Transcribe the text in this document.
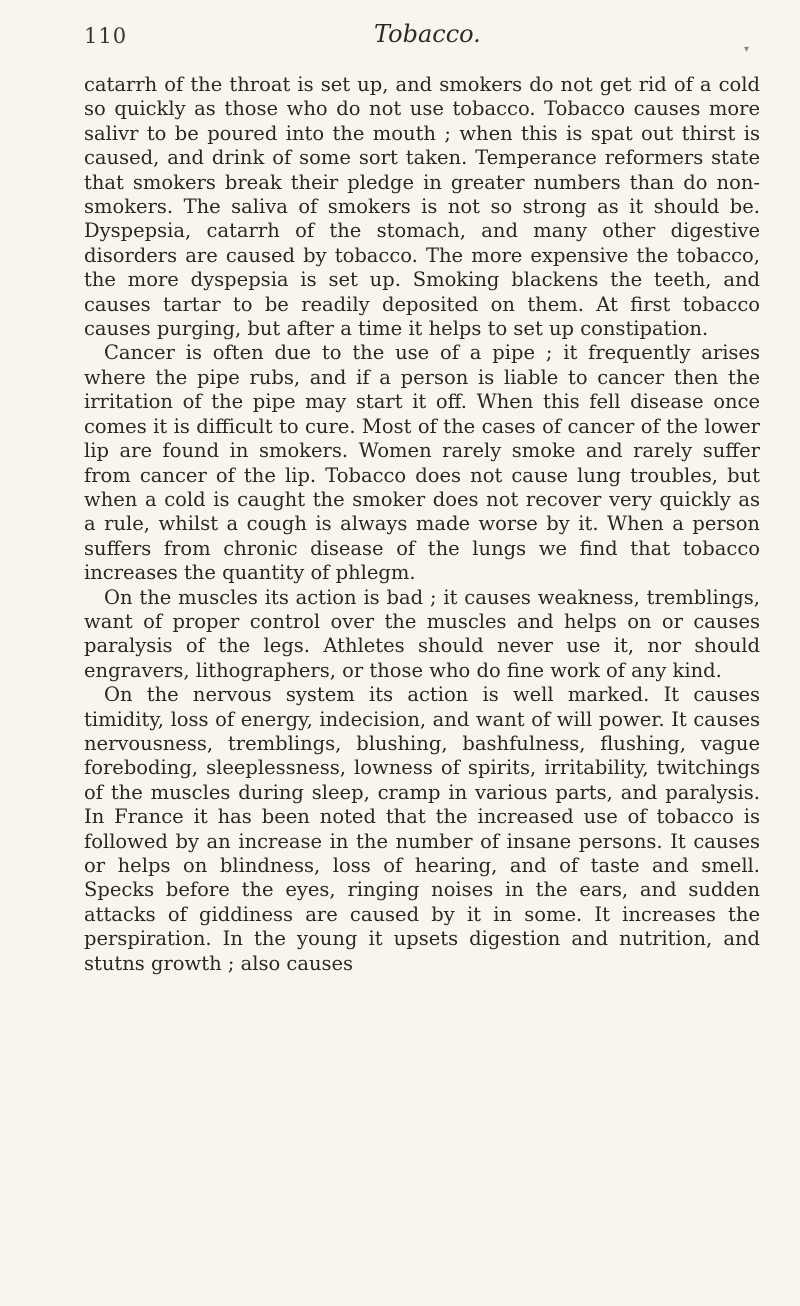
110	Tobacco.
▾

catarrh of the throat is set up, and smokers do not get rid of a cold so quickly as those who do not use tobacco. Tobacco causes more salivr to be poured into the mouth ; when this is spat out thirst is caused, and drink of some sort taken. Temperance reformers state that smokers break their pledge in greater numbers than do non-smokers. The saliva of smokers is not so strong as it should be. Dyspepsia, catarrh of the stomach, and many other digestive disorders are caused by tobacco. The more expensive the tobacco, the more dyspepsia is set up. Smoking blackens the teeth, and causes tartar to be readily deposited on them. At first tobacco causes purging, but after a time it helps to set up constipation.

Cancer is often due to the use of a pipe ; it frequently arises where the pipe rubs, and if a person is liable to cancer then the irritation of the pipe may start it off. When this fell disease once comes it is difficult to cure. Most of the cases of cancer of the lower lip are found in smokers. Women rarely smoke and rarely suffer from cancer of the lip. Tobacco does not cause lung troubles, but when a cold is caught the smoker does not recover very quickly as a rule, whilst a cough is always made worse by it. When a person suffers from chronic disease of the lungs we find that tobacco increases the quantity of phlegm.

On the muscles its action is bad ; it causes weakness, tremblings, want of proper control over the muscles and helps on or causes paralysis of the legs. Athletes should never use it, nor should engravers, lithographers, or those who do fine work of any kind.

On the nervous system its action is well marked. It causes timidity, loss of energy, indecision, and want of will power. It causes nervousness, tremblings, blushing, bashfulness, flushing, vague foreboding, sleeplessness, lowness of spirits, irritability, twitchings of the muscles during sleep, cramp in various parts, and paralysis. In France it has been noted that the increased use of tobacco is followed by an increase in the number of insane persons. It causes or helps on blindness, loss of hearing, and of taste and smell. Specks before the eyes, ringing noises in the ears, and sudden attacks of giddiness are caused by it in some. It increases the perspiration. In the young it upsets digestion and nutrition, and stutns growth ; also causes
